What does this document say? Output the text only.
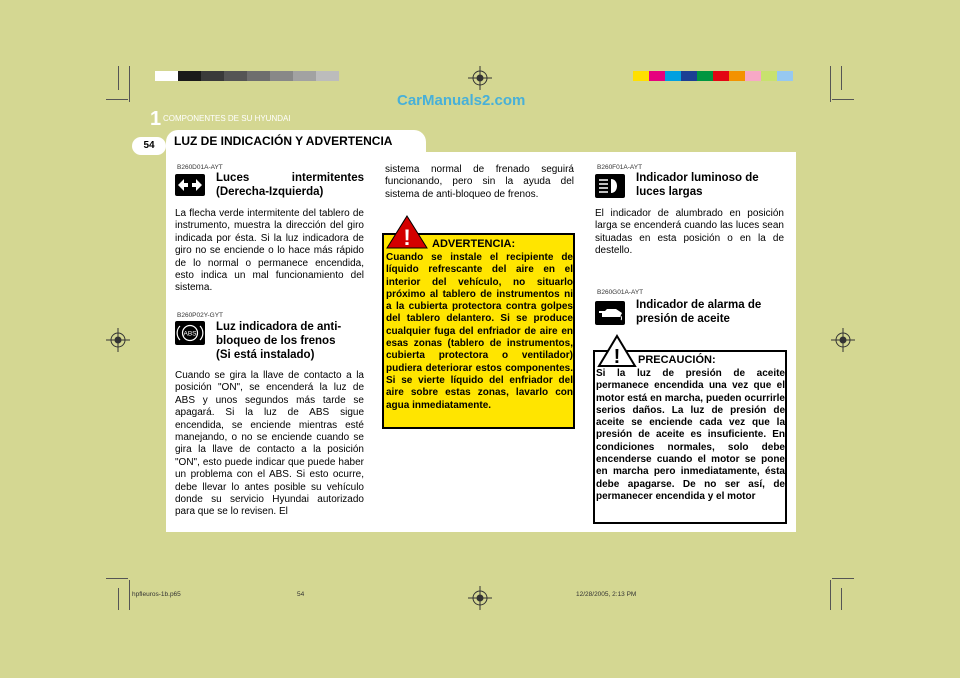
CarManuals2.com
1 COMPONENTES DE SU HYUNDAI
LUZ DE INDICACIÓN Y ADVERTENCIA
54
B260D01A-AYT
Luces intermitentes
(Derecha-Izquierda)
La flecha verde intermitente del tablero de instrumento, muestra la dirección del giro indicada por ésta. Si la luz indicadora de giro no se enciende o lo hace más rápido de lo normal o permanece encendida, esto indica un mal funcionamiento del sistema.
B260P02Y-GYT
ABS
Luz indicadora de anti-
bloqueo de los frenos
(Si está instalado)
Cuando se gira la llave de contacto a la posición "ON", se encenderá la luz de ABS y unos segundos más tarde se apagará. Si la luz de ABS sigue encendida, se enciende mientras esté manejando, o no se enciende cuando se gira la llave de contacto a la posición "ON", esto puede indicar que puede haber un problema con el ABS. Si esto ocurre, debe llevar lo antes posible su vehículo donde su servicio Hyundai autorizado para que se lo revisen. El
sistema normal de frenado seguirá funcionando, pero sin la ayuda del sistema de anti-bloqueo de frenos.
! ADVERTENCIA:
Cuando se instale el recipiente de líquido refrescante del aire en el interior del vehículo, no situarlo próximo al tablero de instrumentos ni a la cubierta protectora contra golpes del tablero delantero. Si se produce cualquier fuga del enfriador de aire en esas zonas (tablero de instrumentos, cubierta protectora o ventilador) pudiera deteriorar estos componentes. Si se vierte líquido del enfriador del aire sobre estas zonas, lavarlo con agua inmediatamente.
B260F01A-AYT
Indicador luminoso de
luces largas
El indicador de alumbrado en posición larga se encenderá cuando las luces sean situadas en esta posición o en la de destello.
B260G01A-AYT
Indicador de alarma de
presión de aceite
! PRECAUCIÓN:
Si la luz de presión de aceite permanece encendida una vez que el motor está en marcha, pueden ocurrirle serios daños. La luz de presión de aceite se enciende cada vez que la presión de aceite es insuficiente. En condiciones normales, solo debe encenderse cuando el motor se pone en marcha pero inmediatamente, ésta debe apagarse. De no ser así, de permanecer encendida y el motor
hpfleuros-1b.p65	54	12/28/2005, 2:13 PM
